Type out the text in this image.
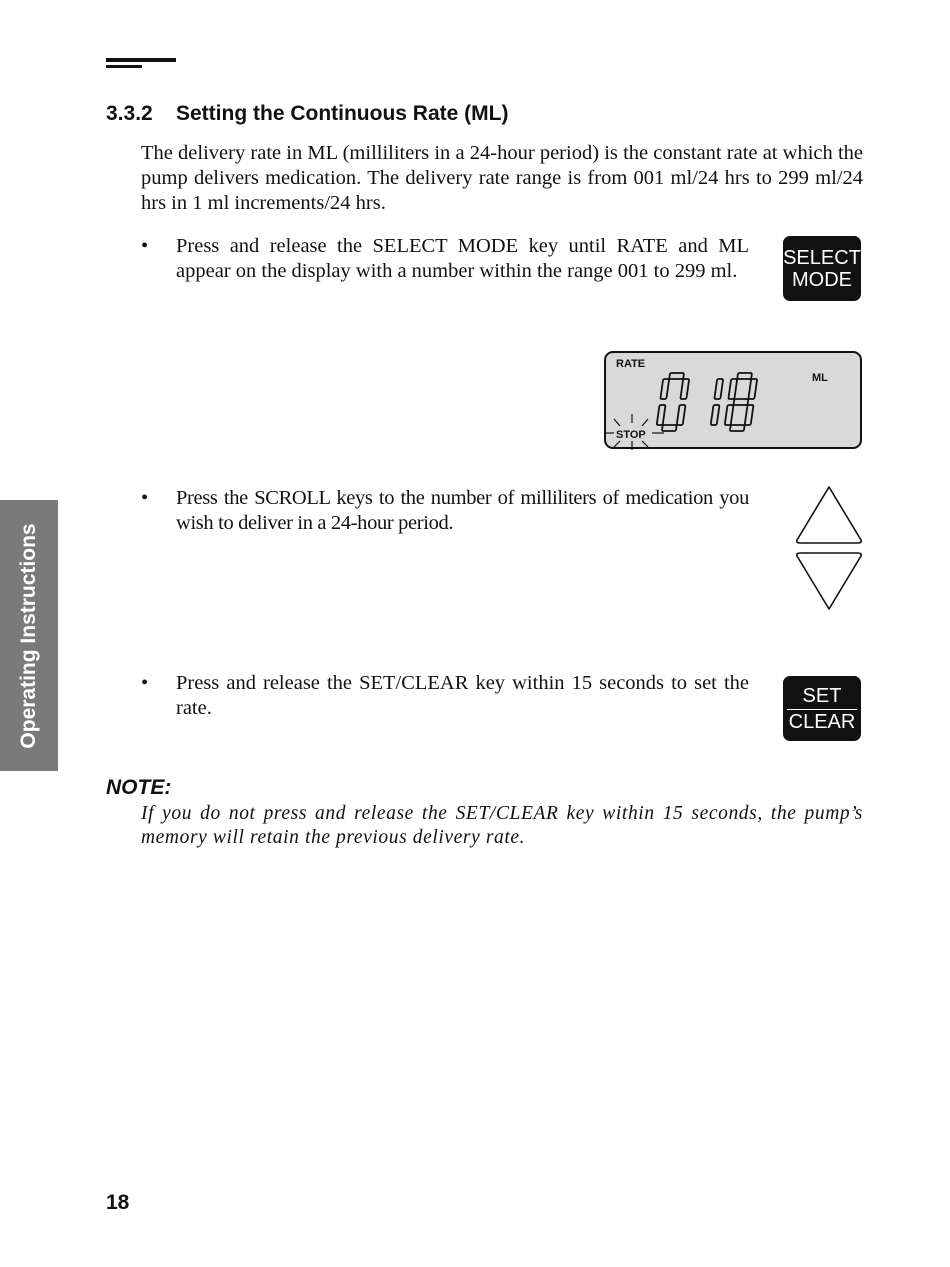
3.3.2 Setting the Continuous Rate (ML)

The delivery rate in ML (milliliters in a 24-hour period) is the constant rate at which the pump delivers medication. The delivery rate range is from 001 ml/24 hrs to 299 ml/24 hrs in 1 ml increments/24 hrs.

• Press and release the SELECT MODE key until RATE and ML appear on the display with a number within the range 001 to 299 ml.
SELECT
MODE
RATE
ML
STOP
• Press the SCROLL keys to the number of milliliters of medication you wish to deliver in a 24-hour period.
• Press and release the SET/CLEAR key within 15 seconds to set the rate.
SET
CLEAR

NOTE:

If you do not press and release the SET/CLEAR key within 15 seconds, the pump’s memory will retain the previous delivery rate.

Operating Instructions
18
